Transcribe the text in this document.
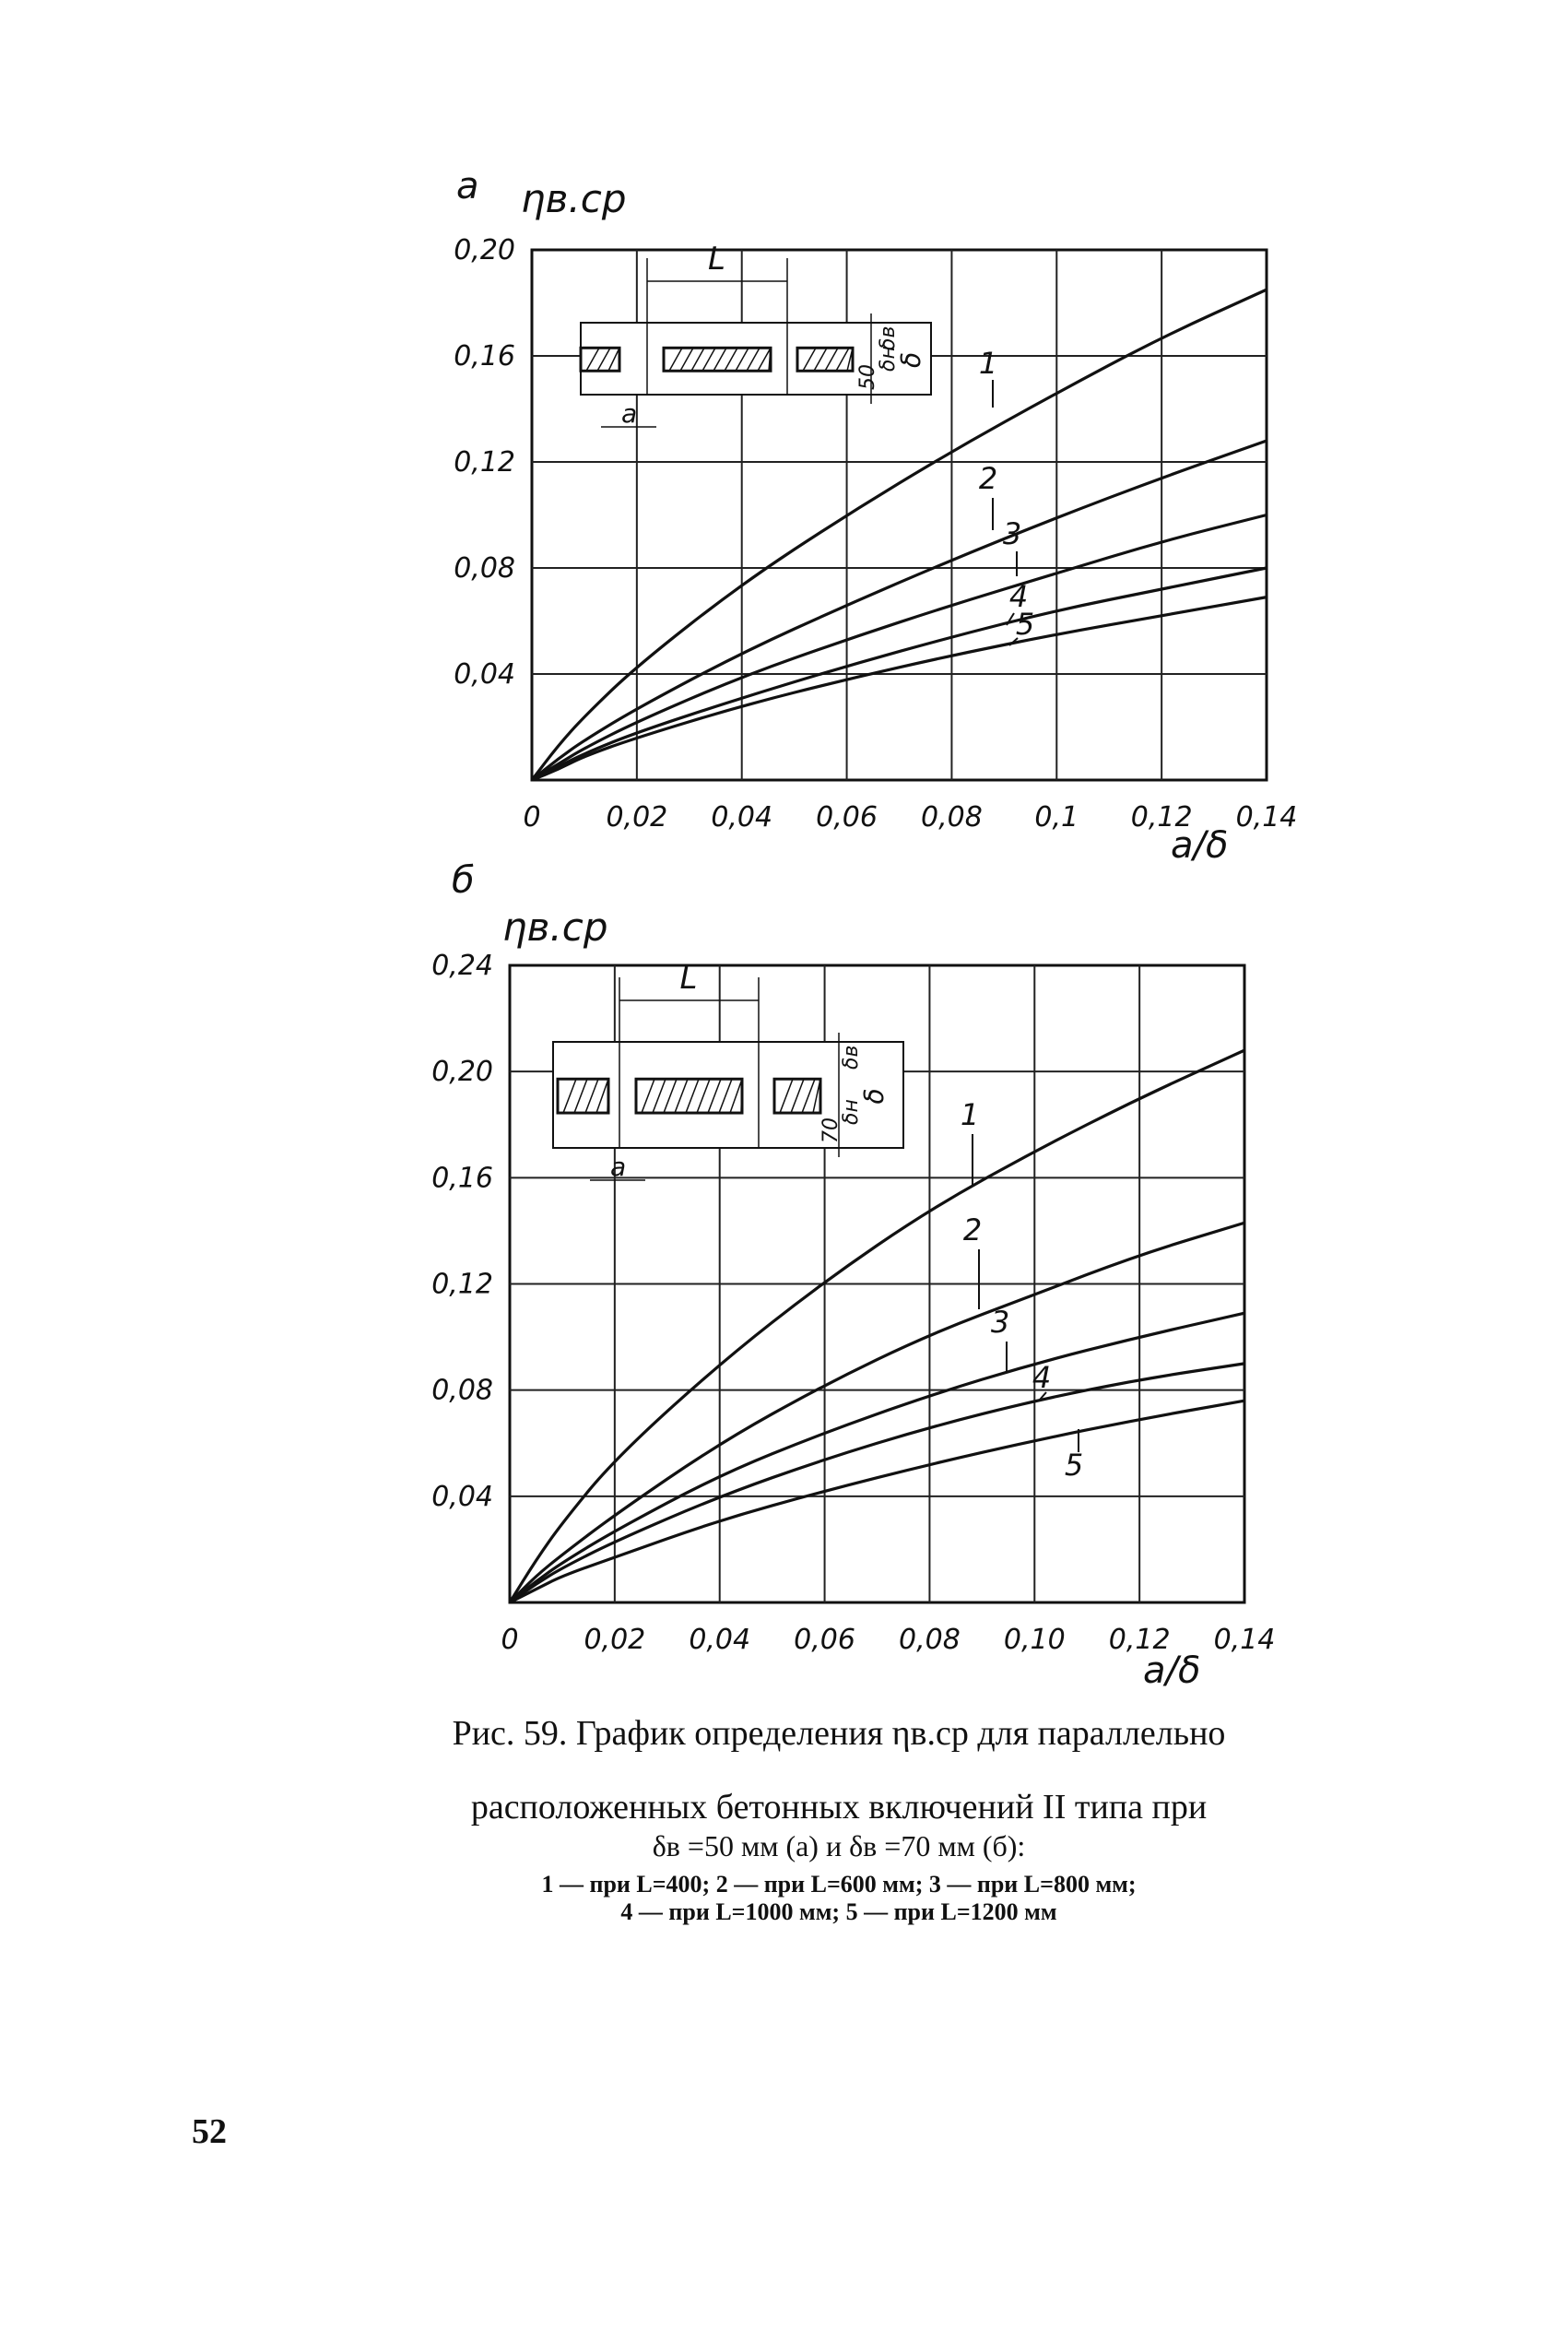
0 0,02 0,04 0,06 0,08 0,1 0,12 0,14
0,04
0,08
0,12
0,16
0,20
а ηв.ср
a/δ
1
2
3
4
5
L
a
50
δн
δв
δ
0 0,02 0,04 0,06 0,08 0,10 0,12 0,14
0,04
0,08
0,12
0,16
0,20
0,24
б
ηв.ср
a/δ
1
2
3
4
5
L
a
70
δн
δв
δ
Рис. 59. График определения ηв.ср для параллельно
расположенных бетонных включений II типа при
δв =50 мм (а) и δв =70 мм (б):
1 — при L=400; 2 — при L=600 мм; 3 — при L=800 мм;
4 — при L=1000 мм; 5 — при L=1200 мм
52
